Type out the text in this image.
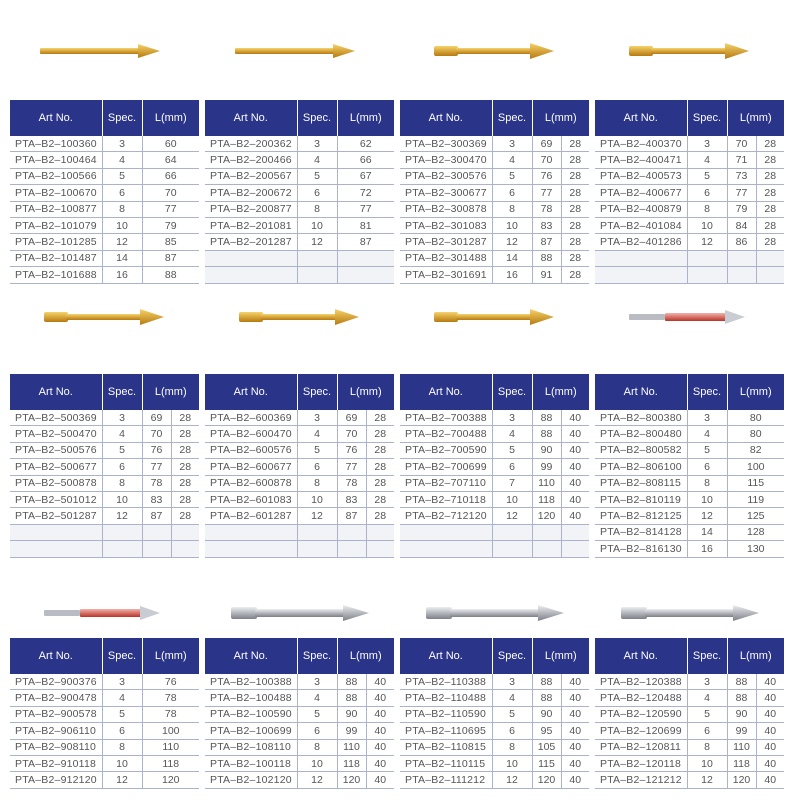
Art No.	Spec.	L(mm)
PTA–B2–100360	3	60
PTA–B2–100464	4	64
PTA–B2–100566	5	66
PTA–B2–100670	6	70
PTA–B2–100877	8	77
PTA–B2–101079	10	79
PTA–B2–101285	12	85
PTA–B2–101487	14	87
PTA–B2–101688	16	88
Art No.	Spec.	L(mm)
PTA–B2–200362	3	62
PTA–B2–200466	4	66
PTA–B2–200567	5	67
PTA–B2–200672	6	72
PTA–B2–200877	8	77
PTA–B2–201081	10	81
PTA–B2–201287	12	87

Art No.	Spec.	L(mm)	
PTA–B2–300369	3	69	28
PTA–B2–300470	4	70	28
PTA–B2–300576	5	76	28
PTA–B2–300677	6	77	28
PTA–B2–300878	8	78	28
PTA–B2–301083	10	83	28
PTA–B2–301287	12	87	28
PTA–B2–301488	14	88	28
PTA–B2–301691	16	91	28
Art No.	Spec.	L(mm)	
PTA–B2–400370	3	70	28
PTA–B2–400471	4	71	28
PTA–B2–400573	5	73	28
PTA–B2–400677	6	77	28
PTA–B2–400879	8	79	28
PTA–B2–401084	10	84	28
PTA–B2–401286	12	86	28

Art No.	Spec.	L(mm)	
PTA–B2–500369	3	69	28
PTA–B2–500470	4	70	28
PTA–B2–500576	5	76	28
PTA–B2–500677	6	77	28
PTA–B2–500878	8	78	28
PTA–B2–501012	10	83	28
PTA–B2–501287	12	87	28

Art No.	Spec.	L(mm)	
PTA–B2–600369	3	69	28
PTA–B2–600470	4	70	28
PTA–B2–600576	5	76	28
PTA–B2–600677	6	77	28
PTA–B2–600878	8	78	28
PTA–B2–601083	10	83	28
PTA–B2–601287	12	87	28

Art No.	Spec.	L(mm)	
PTA–B2–700388	3	88	40
PTA–B2–700488	4	88	40
PTA–B2–700590	5	90	40
PTA–B2–700699	6	99	40
PTA–B2–707110	7	110	40
PTA–B2–710118	10	118	40
PTA–B2–712120	12	120	40

Art No.	Spec.	L(mm)
PTA–B2–800380	3	80
PTA–B2–800480	4	80
PTA–B2–800582	5	82
PTA–B2–806100	6	100
PTA–B2–808115	8	115
PTA–B2–810119	10	119
PTA–B2–812125	12	125
PTA–B2–814128	14	128
PTA–B2–816130	16	130
Art No.	Spec.	L(mm)
PTA–B2–900376	3	76
PTA–B2–900478	4	78
PTA–B2–900578	5	78
PTA–B2–906110	6	100
PTA–B2–908110	8	110
PTA–B2–910118	10	118
PTA–B2–912120	12	120
Art No.	Spec.	L(mm)	
PTA–B2–100388	3	88	40
PTA–B2–100488	4	88	40
PTA–B2–100590	5	90	40
PTA–B2–100699	6	99	40
PTA–B2–108110	8	110	40
PTA–B2–100118	10	118	40
PTA–B2–102120	12	120	40
Art No.	Spec.	L(mm)	
PTA–B2–110388	3	88	40
PTA–B2–110488	4	88	40
PTA–B2–110590	5	90	40
PTA–B2–110695	6	95	40
PTA–B2–110815	8	105	40
PTA–B2–110115	10	115	40
PTA–B2–111212	12	120	40
Art No.	Spec.	L(mm)	
PTA–B2–120388	3	88	40
PTA–B2–120488	4	88	40
PTA–B2–120590	5	90	40
PTA–B2–120699	6	99	40
PTA–B2–120811	8	110	40
PTA–B2–120118	10	118	40
PTA–B2–121212	12	120	40
